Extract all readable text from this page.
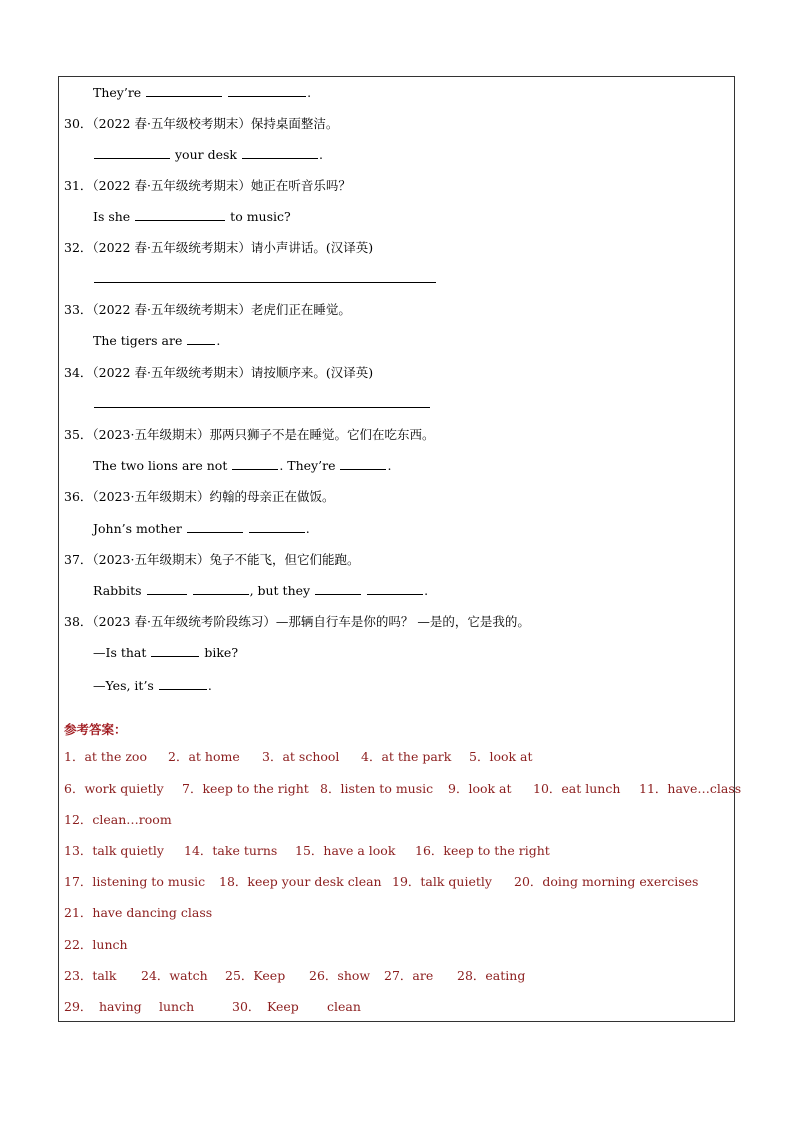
They’re	.
30．（2022 春·五年级校考期末）保持桌面整洁。
your desk	.
31．（2022 春·五年级统考期末）她正在听音乐吗？
Is she	to music?
32．（2022 春·五年级统考期末）请小声讲话。(汉译英)
33．（2022 春·五年级统考期末）老虎们正在睡觉。
The tigers are	.
34．（2022 春·五年级统考期末）请按顺序来。(汉译英)
35．（2023·五年级期末）那两只狮子不是在睡觉。它们在吃东西。
The two lions are not	. They’re	.
36．（2023·五年级期末）约翰的母亲正在做饭。
John’s mother	.
37．（2023·五年级期末）兔子不能飞，但它们能跑。
Rabbits	, but they	.
38．（2023 春·五年级统考阶段练习）—那辆自行车是你的吗？ —是的，它是我的。
—Is that	bike?
—Yes, it’s	.
参考答案：
1．at the zoo 2．at home 3．at school 4．at the park 5．look at
6．work quietly 7．keep to the right 8．listen to music 9．look at 10．eat lunch 11．have…class
12．clean…room
13．talk quietly 14．take turns 15．have a look 16．keep to the right
17．listening to music 18．keep your desk clean 19．talk quietly 20．doing morning exercises
21．have dancing class
22．lunch
23．talk 24．watch 25．Keep 26．show 27．are 28．eating
29． having lunch	30． Keep clean
